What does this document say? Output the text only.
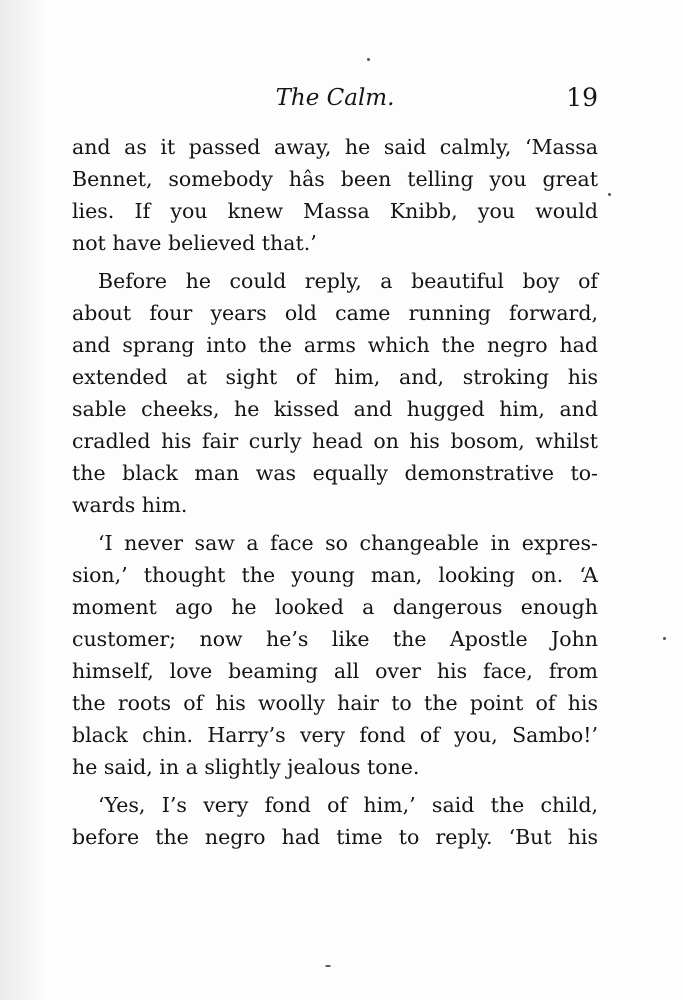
The Calm.	19
and as it passed away, he said calmly, ‘Massa
Bennet, somebody hâs been telling you great
lies. If you knew Massa Knibb, you would
not have believed that.’
Before he could reply, a beautiful boy of
about four years old came running forward,
and sprang into the arms which the negro had
extended at sight of him, and, stroking his
sable cheeks, he kissed and hugged him, and
cradled his fair curly head on his bosom, whilst
the black man was equally demonstrative to-
wards him.
‘I never saw a face so changeable in expres-
sion,’ thought the young man, looking on. ‘A
moment ago he looked a dangerous enough
customer; now he’s like the Apostle John
himself, love beaming all over his face, from
the roots of his woolly hair to the point of his
black chin. Harry’s very fond of you, Sambo!’
he said, in a slightly jealous tone.
‘Yes, I’s very fond of him,’ said the child,
before the negro had time to reply. ‘But his
